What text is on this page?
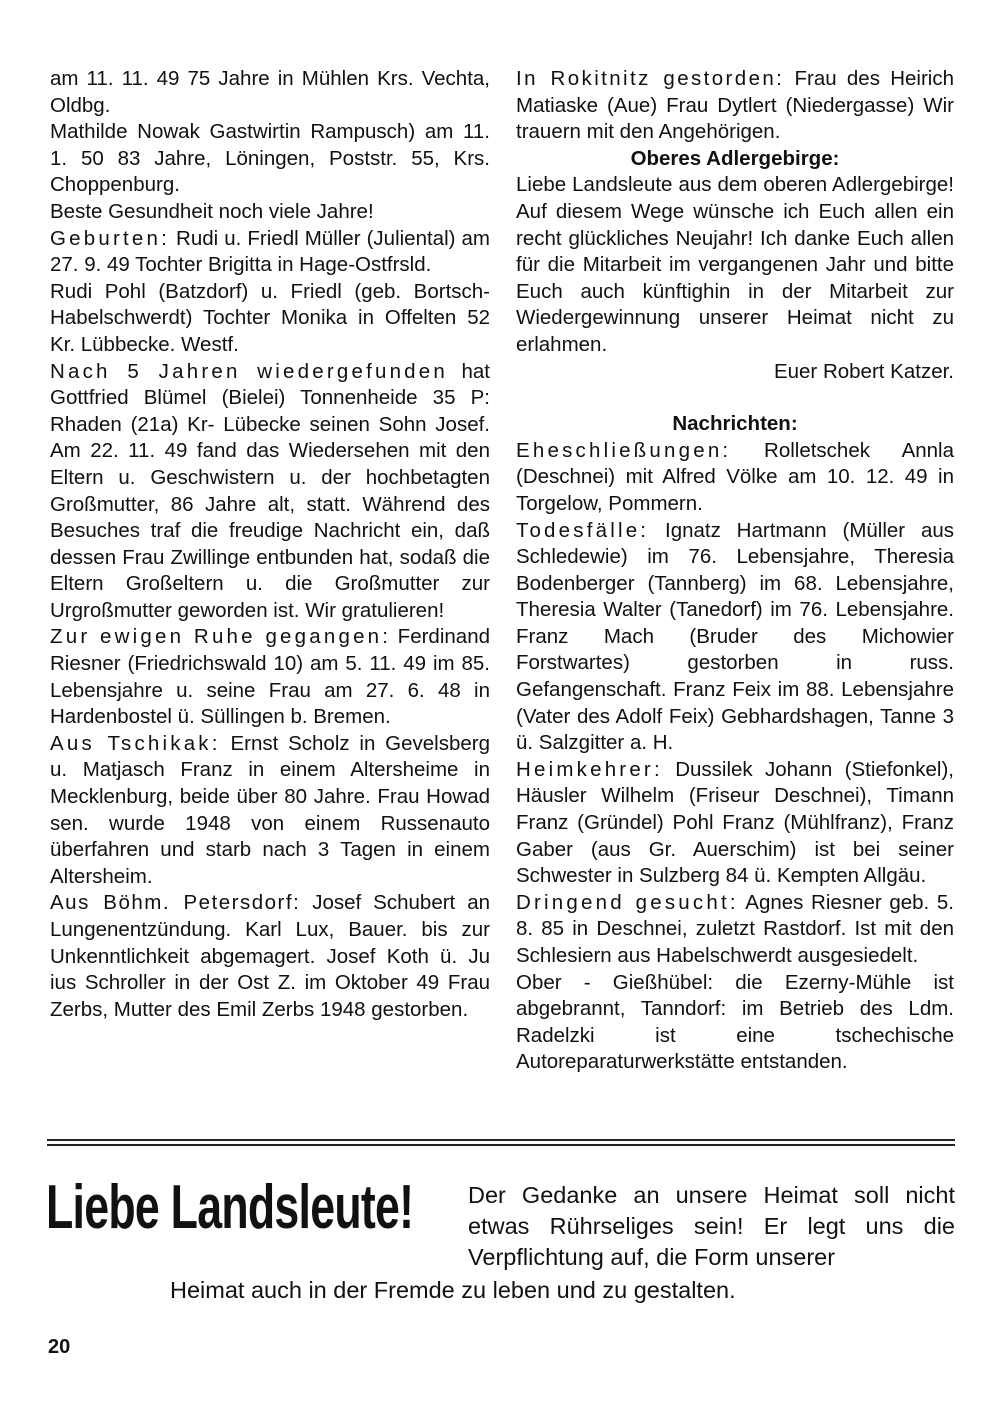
am 11. 11. 49 75 Jahre in Mühlen Krs. Vechta, Oldbg.

Mathilde Nowak Gastwirtin Rampusch) am 11. 1. 50 83 Jahre, Löningen, Poststr. 55, Krs. Choppenburg.

Beste Gesundheit noch viele Jahre!

Geburten: Rudi u. Friedl Müller (Juliental) am 27. 9. 49 Tochter Brigitta in Hage-Ostfrsld.

Rudi Pohl (Batzdorf) u. Friedl (geb. Bortsch-Habelschwerdt) Tochter Monika in Offelten 52 Kr. Lübbecke. Westf.

Nach 5 Jahren wiedergefunden hat Gottfried Blümel (Bielei) Tonnenheide 35 P: Rhaden (21a) Kr- Lübecke seinen Sohn Josef. Am 22. 11. 49 fand das Wiedersehen mit den Eltern u. Geschwistern u. der hochbetagten Großmutter, 86 Jahre alt, statt. Während des Besuches traf die freudige Nachricht ein, daß dessen Frau Zwillinge entbunden hat, sodaß die Eltern Großeltern u. die Großmutter zur Urgroßmutter geworden ist. Wir gratulieren!

Zur ewigen Ruhe gegangen: Ferdinand Riesner (Friedrichswald 10) am 5. 11. 49 im 85. Lebensjahre u. seine Frau am 27. 6. 48 in Hardenbostel ü. Süllingen b. Bremen.

Aus Tschikak: Ernst Scholz in Gevelsberg u. Matjasch Franz in einem Altersheime in Mecklenburg, beide über 80 Jahre. Frau Howad sen. wurde 1948 von einem Russenauto überfahren und starb nach 3 Tagen in einem Altersheim.

Aus Böhm. Petersdorf: Josef Schubert an Lungenentzündung. Karl Lux, Bauer. bis zur Unkenntlichkeit abgemagert. Josef Koth ü. Ju ius Schroller in der Ost Z. im Oktober 49 Frau Zerbs, Mutter des Emil Zerbs 1948 gestorben.

In Rokitnitz gestorden: Frau des Heirich Matiaske (Aue) Frau Dytlert (Niedergasse) Wir trauern mit den Angehörigen.

Oberes Adlergebirge:

Liebe Landsleute aus dem oberen Adlergebirge! Auf diesem Wege wünsche ich Euch allen ein recht glückliches Neujahr! Ich danke Euch allen für die Mitarbeit im vergangenen Jahr und bitte Euch auch künftighin in der Mitarbeit zur Wiedergewinnung unserer Heimat nicht zu erlahmen.

Euer Robert Katzer.

Nachrichten:

Eheschließungen: Rolletschek Annla (Deschnei) mit Alfred Völke am 10. 12. 49 in Torgelow, Pommern.

Todesfälle: Ignatz Hartmann (Müller aus Schledewie) im 76. Lebensjahre, Theresia Bodenberger (Tannberg) im 68. Lebensjahre, Theresia Walter (Tanedorf) im 76. Lebensjahre. Franz Mach (Bruder des Michowier Forstwartes) gestorben in russ. Gefangenschaft. Franz Feix im 88. Lebensjahre (Vater des Adolf Feix) Gebhardshagen, Tanne 3 ü. Salzgitter a. H.

Heimkehrer: Dussilek Johann (Stiefonkel), Häusler Wilhelm (Friseur Deschnei), Timann Franz (Gründel) Pohl Franz (Mühlfranz), Franz Gaber (aus Gr. Auerschim) ist bei seiner Schwester in Sulzberg 84 ü. Kempten Allgäu.

Dringend gesucht: Agnes Riesner geb. 5. 8. 85 in Deschnei, zuletzt Rastdorf. Ist mit den Schlesiern aus Habelschwerdt ausgesiedelt.

Ober - Gießhübel: die Ezerny-Mühle ist abgebrannt, Tanndorf: im Betrieb des Ldm. Radelzki ist eine tschechische Autoreparaturwerkstätte entstanden.

Liebe Landsleute! Der Gedanke an unsere Heimat soll nicht etwas Rührseliges sein! Er legt uns die Verpflichtung auf, die Form unserer
Heimat auch in der Fremde zu leben und zu gestalten.
20
